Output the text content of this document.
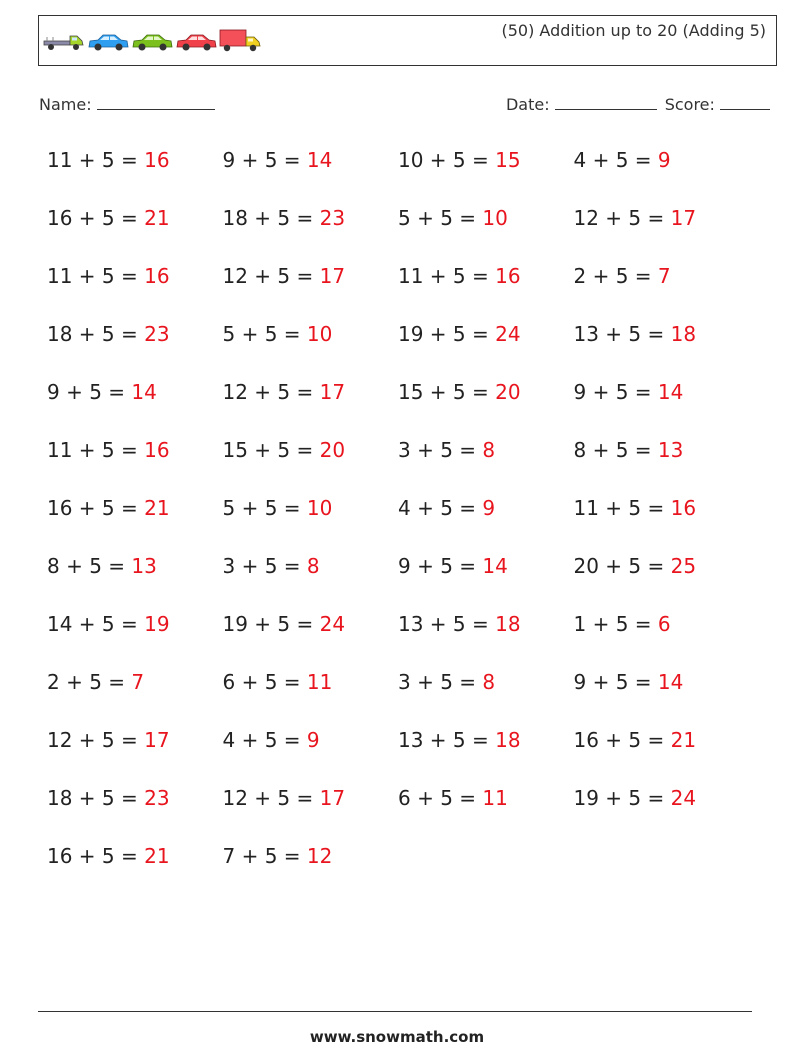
(50) Addition up to 20 (Adding 5)
Name:	Date:	Score:
11 + 5 = 16	9 + 5 = 14	10 + 5 = 15	4 + 5 = 9
16 + 5 = 21	18 + 5 = 23	5 + 5 = 10	12 + 5 = 17
11 + 5 = 16	12 + 5 = 17	11 + 5 = 16	2 + 5 = 7
18 + 5 = 23	5 + 5 = 10	19 + 5 = 24	13 + 5 = 18
9 + 5 = 14	12 + 5 = 17	15 + 5 = 20	9 + 5 = 14
11 + 5 = 16	15 + 5 = 20	3 + 5 = 8	8 + 5 = 13
16 + 5 = 21	5 + 5 = 10	4 + 5 = 9	11 + 5 = 16
8 + 5 = 13	3 + 5 = 8	9 + 5 = 14	20 + 5 = 25
14 + 5 = 19	19 + 5 = 24	13 + 5 = 18	1 + 5 = 6
2 + 5 = 7	6 + 5 = 11	3 + 5 = 8	9 + 5 = 14
12 + 5 = 17	4 + 5 = 9	13 + 5 = 18	16 + 5 = 21
18 + 5 = 23	12 + 5 = 17	6 + 5 = 11	19 + 5 = 24
16 + 5 = 21	7 + 5 = 12
www.snowmath.com
